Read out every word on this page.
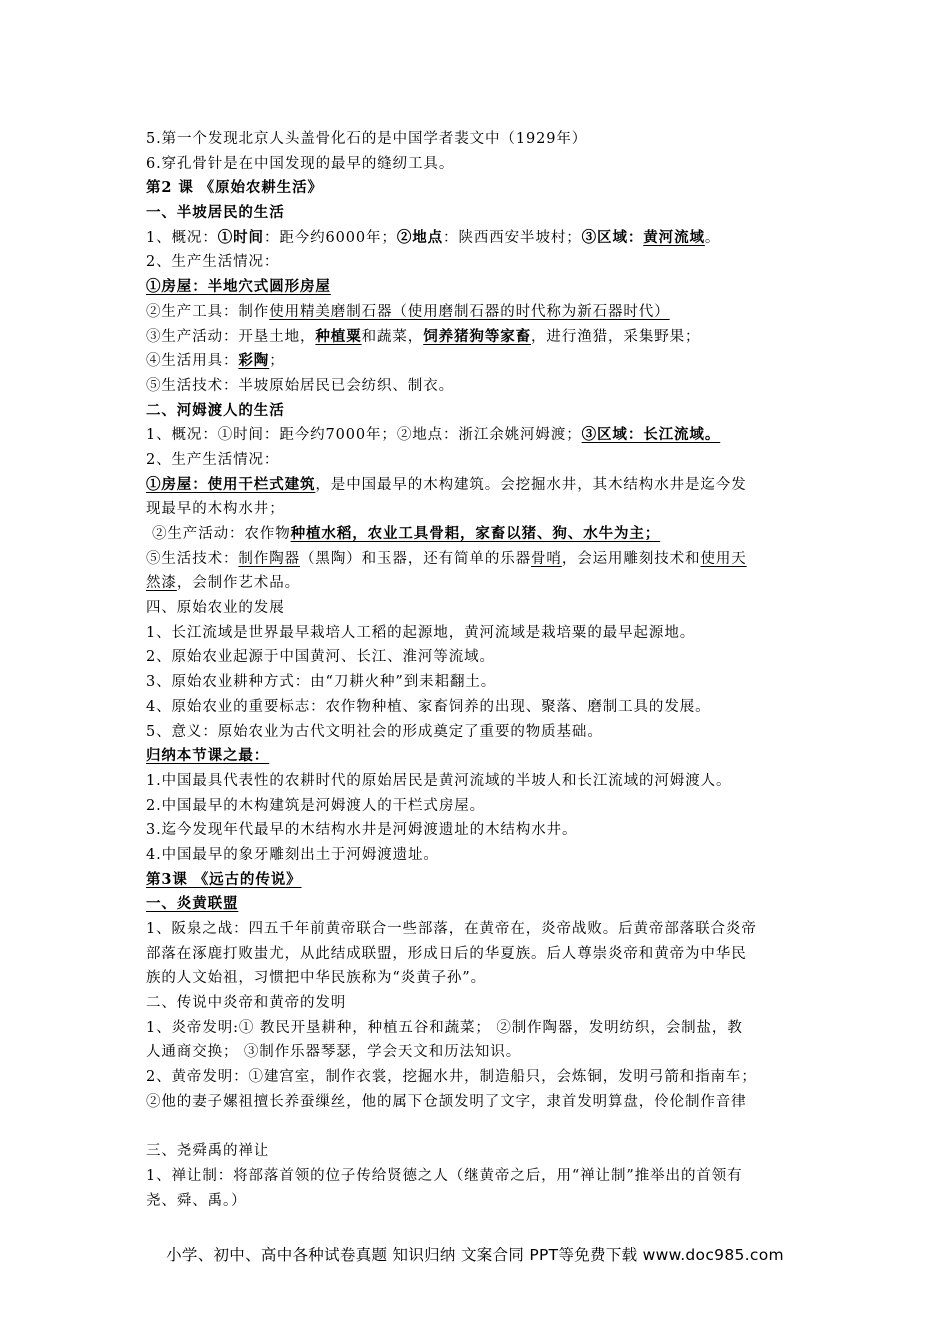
5.第一个发现北京人头盖骨化石的是中国学者裴文中（1929年）
6.穿孔骨针是在中国发现的最早的缝纫工具。
第2 课 《原始农耕生活》
一、半坡居民的生活
1、概况：①时间：距今约6000年；②地点：陕西西安半坡村；③区域：黄河流域。
2、生产生活情况：
①房屋：半地穴式圆形房屋
②生产工具：制作使用精美磨制石器（使用磨制石器的时代称为新石器时代）
③生产活动：开垦土地，种植粟和蔬菜，饲养猪狗等家畜，进行渔猎，采集野果；
④生活用具：彩陶；
⑤生活技术：半坡原始居民已会纺织、制衣。
二、河姆渡人的生活
1、概况：①时间：距今约7000年；②地点：浙江余姚河姆渡；③区域：长江流域。
2、生产生活情况：
①房屋：使用干栏式建筑，是中国最早的木构建筑。会挖掘水井，其木结构水井是迄今发
现最早的木构水井；
②生产活动：农作物种植水稻，农业工具骨耜，家畜以猪、狗、水牛为主；
⑤生活技术：制作陶器（黑陶）和玉器，还有简单的乐器骨哨，会运用雕刻技术和使用天
然漆，会制作艺术品。
四、原始农业的发展
1、长江流域是世界最早栽培人工稻的起源地，黄河流域是栽培粟的最早起源地。
2、原始农业起源于中国黄河、长江、淮河等流域。
3、原始农业耕种方式：由“刀耕火种”到耒耜翻土。
4、原始农业的重要标志：农作物种植、家畜饲养的出现、聚落、磨制工具的发展。
5、意义：原始农业为古代文明社会的形成奠定了重要的物质基础。
归纳本节课之最：
1.中国最具代表性的农耕时代的原始居民是黄河流域的半坡人和长江流域的河姆渡人。
2.中国最早的木构建筑是河姆渡人的干栏式房屋。
3.迄今发现年代最早的木结构水井是河姆渡遗址的木结构水井。
4.中国最早的象牙雕刻出土于河姆渡遗址。
第3课 《远古的传说》
一、炎黄联盟
1、阪泉之战：四五千年前黄帝联合一些部落，在黄帝在，炎帝战败。后黄帝部落联合炎帝
部落在涿鹿打败蚩尤，从此结成联盟，形成日后的华夏族。后人尊崇炎帝和黄帝为中华民
族的人文始祖，习惯把中华民族称为“炎黄子孙”。
二、传说中炎帝和黄帝的发明
1、炎帝发明:① 教民开垦耕种，种植五谷和蔬菜； ②制作陶器，发明纺织，会制盐，教
人通商交换； ③制作乐器琴瑟，学会天文和历法知识。
2、黄帝发明：①建宫室，制作衣裳，挖掘水井，制造船只，会炼铜，发明弓箭和指南车；
②他的妻子嫘祖擅长养蚕缫丝，他的属下仓颉发明了文字，隶首发明算盘，伶伦制作音律
三、尧舜禹的禅让
1、禅让制：将部落首领的位子传给贤德之人（继黄帝之后，用“禅让制”推举出的首领有
尧、舜、禹。）
小学、初中、高中各种试卷真题 知识归纳 文案合同 PPT等免费下载 www.doc985.com
